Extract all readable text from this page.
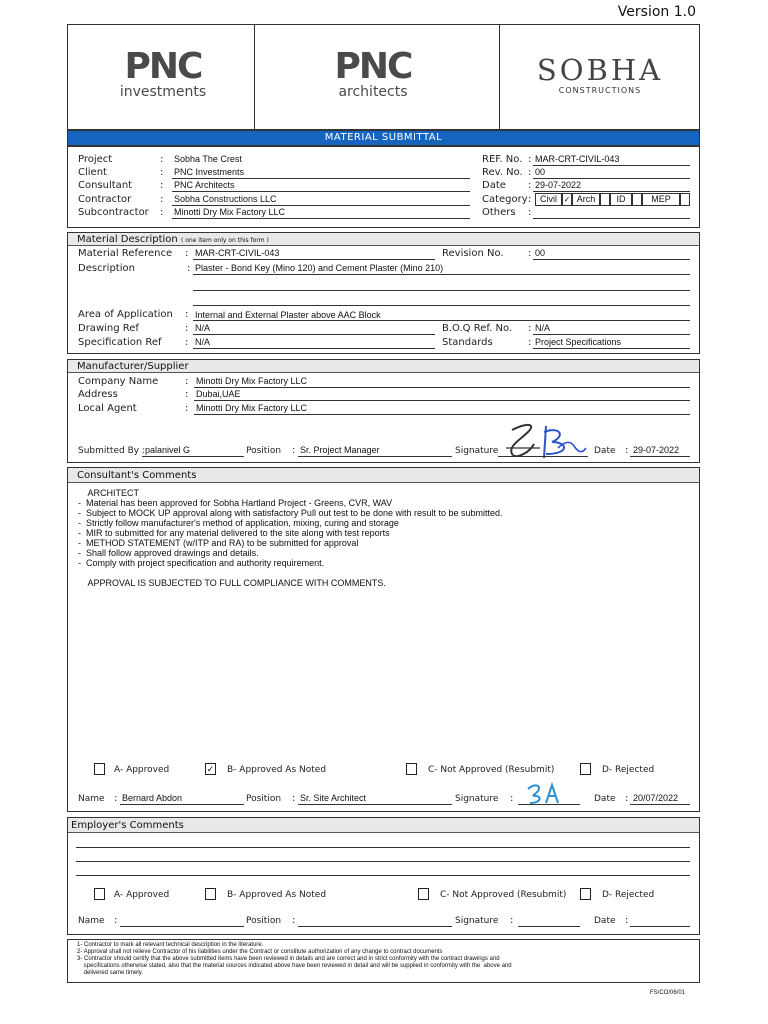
Version 1.0
PNC
investments
PNC
architects
SOBHA
CONSTRUCTIONS
MATERIAL SUBMITTAL
Project	: Sobha The Crest
Client	: PNC Investments
Consultant	: PNC Architects
Contractor	: Sobha Constructions LLC
Subcontractor : Minotti Dry Mix Factory LLC
REF. No. : MAR-CRT-CIVIL-043
Rev. No. : 00
Date : 29-07-2022
Category : Civil ✓ Arch	ID	MEP
Others :
Material Description ( one item only on this form )
Material Reference : MAR-CRT-CIVIL-043	Revision No. : 00
Description	: Plaster - Bond Key (Mino 120) and Cement Plaster (Mino 210)
Area of Application : Internal and External Plaster above AAC Block
Drawing Ref	: N/A	B.O.Q Ref. No. : N/A
Specification Ref : N/A	Standards	: Project Specifications
Manufacturer/Supplier
Company Name	: Minotti Dry Mix Factory LLC
Address	: Dubai,UAE
Local Agent	: Minotti Dry Mix Factory LLC
Submitted By : palanivel G	Position : Sr. Project Manager	Signature	Date : 29-07-2022
Consultant's Comments
ARCHITECT
-  Material has been approved for Sobha Hartland Project - Greens, CVR, WAV
-  Subject to MOCK UP approval along with satisfactory Pull out test to be done with result to be submitted.
-  Strictly follow manufacturer's method of application, mixing, curing and storage
-  MIR to submitted for any material delivered to the site along with test reports
-  METHOD STATEMENT (w/ITP and RA) to be submitted for approval
-  Shall follow approved drawings and details.
-  Comply with project specification and authority requirement.
APPROVAL IS SUBJECTED TO FULL COMPLIANCE WITH COMMENTS.
A- Approved	✓ B- Approved As Noted	C- Not Approved (Resubmit)	D- Rejected
Name : Bernard Abdon	Position : Sr. Site Architect	Signature :	Date : 20/07/2022
Employer's Comments
A- Approved	B- Approved As Noted	C- Not Approved (Resubmit)	D- Rejected
Name :	Position :	Signature :	Date :
1- Contractor to mark all relevant technical description in the literature.
2- Approval shall not relieve Contractor of his liabilities under the Contract or constitute authorization of any change to contract documents
3- Contractor should certify that the above submitted items have been reviewed in details and are correct and in strict conformity with the contract drawings and
specifications otherwise stated, also that the material sources indicated above have been reviewed in detail and will be supplied in conformity with the  above and
delivered same timely.
FS/CO/06/01
